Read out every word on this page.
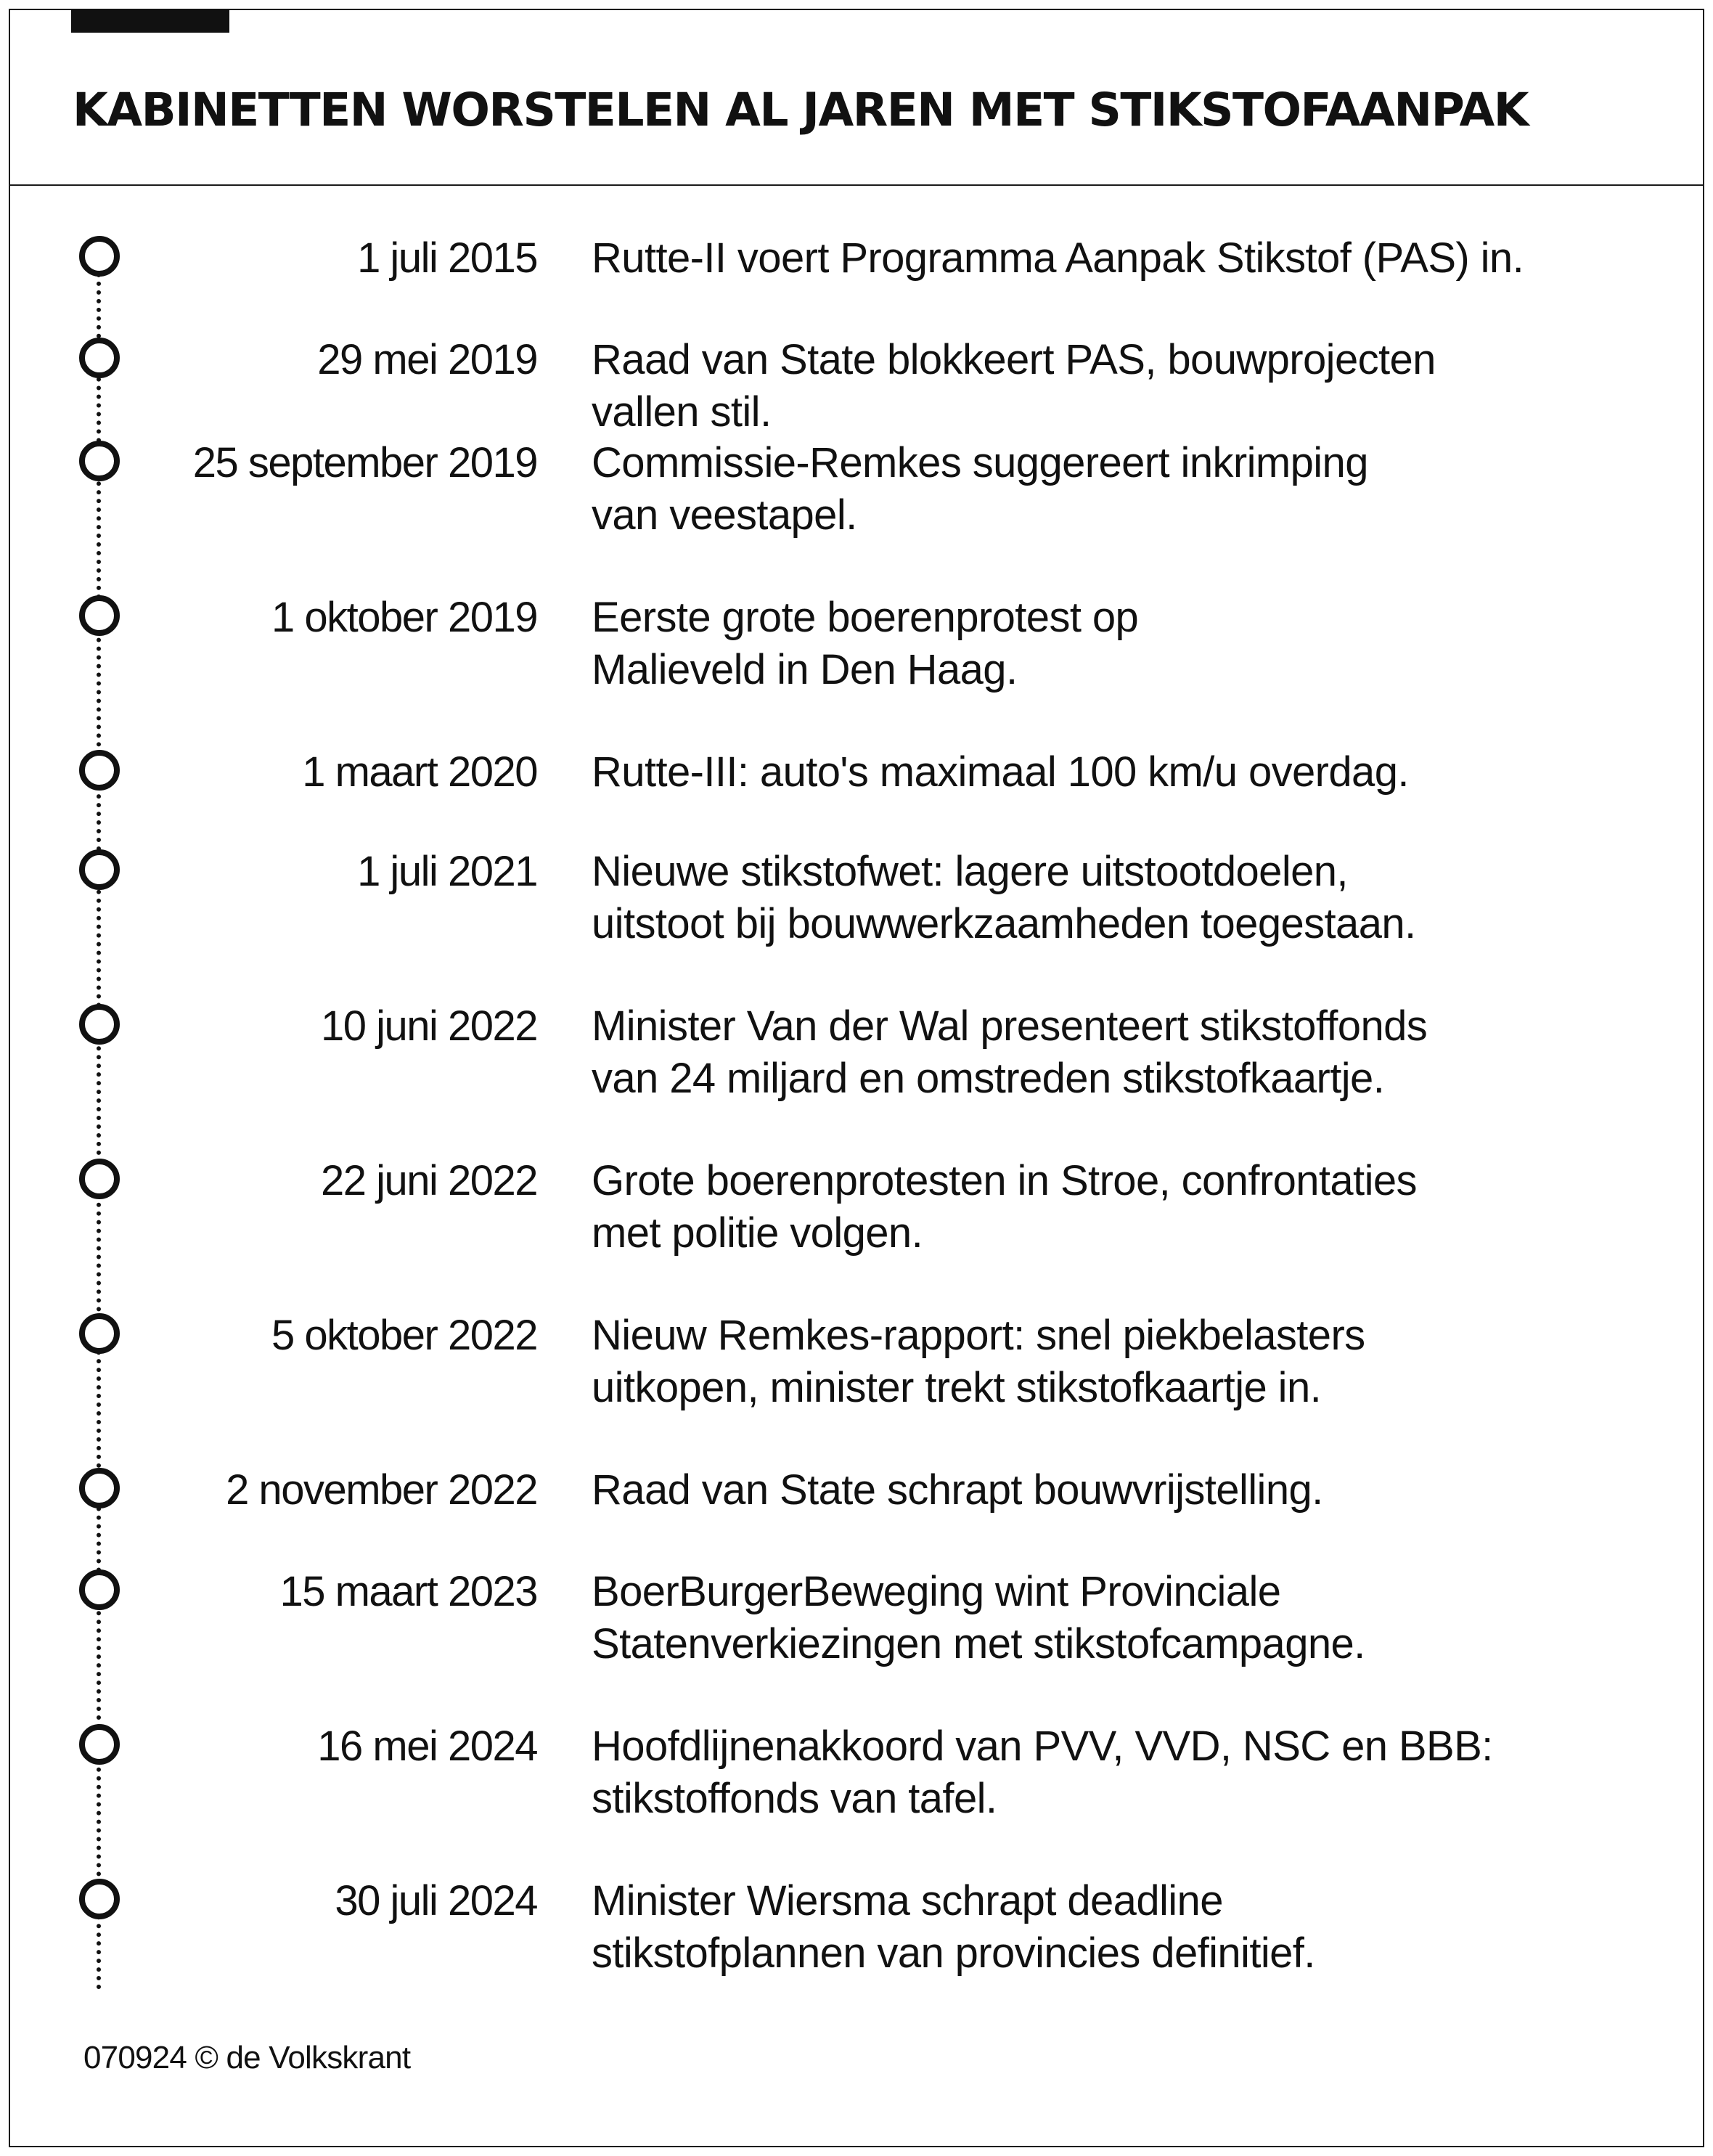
KABINETTEN WORSTELEN AL JAREN MET STIKSTOFAANPAK
1 juli 2015 Rutte-II voert Programma Aanpak Stikstof (PAS) in.
29 mei 2019 Raad van State blokkeert PAS, bouwprojecten
vallen stil.
25 september 2019 Commissie-Remkes suggereert inkrimping
van veestapel.
1 oktober 2019 Eerste grote boerenprotest op
Malieveld in Den Haag.
1 maart 2020 Rutte-III: auto's maximaal 100 km/u overdag.
1 juli 2021 Nieuwe stikstofwet: lagere uitstootdoelen,
uitstoot bij bouwwerkzaamheden toegestaan.
10 juni 2022 Minister Van der Wal presenteert stikstoffonds
van 24 miljard en omstreden stikstofkaartje.
22 juni 2022 Grote boerenprotesten in Stroe, confrontaties
met politie volgen.
5 oktober 2022 Nieuw Remkes-rapport: snel piekbelasters
uitkopen, minister trekt stikstofkaartje in.
2 november 2022 Raad van State schrapt bouwvrijstelling.
15 maart 2023 BoerBurgerBeweging wint Provinciale
Statenverkiezingen met stikstofcampagne.
16 mei 2024 Hoofdlijnenakkoord van PVV, VVD, NSC en BBB:
stikstoffonds van tafel.
30 juli 2024 Minister Wiersma schrapt deadline
stikstofplannen van provincies definitief.
070924 © de Volkskrant
